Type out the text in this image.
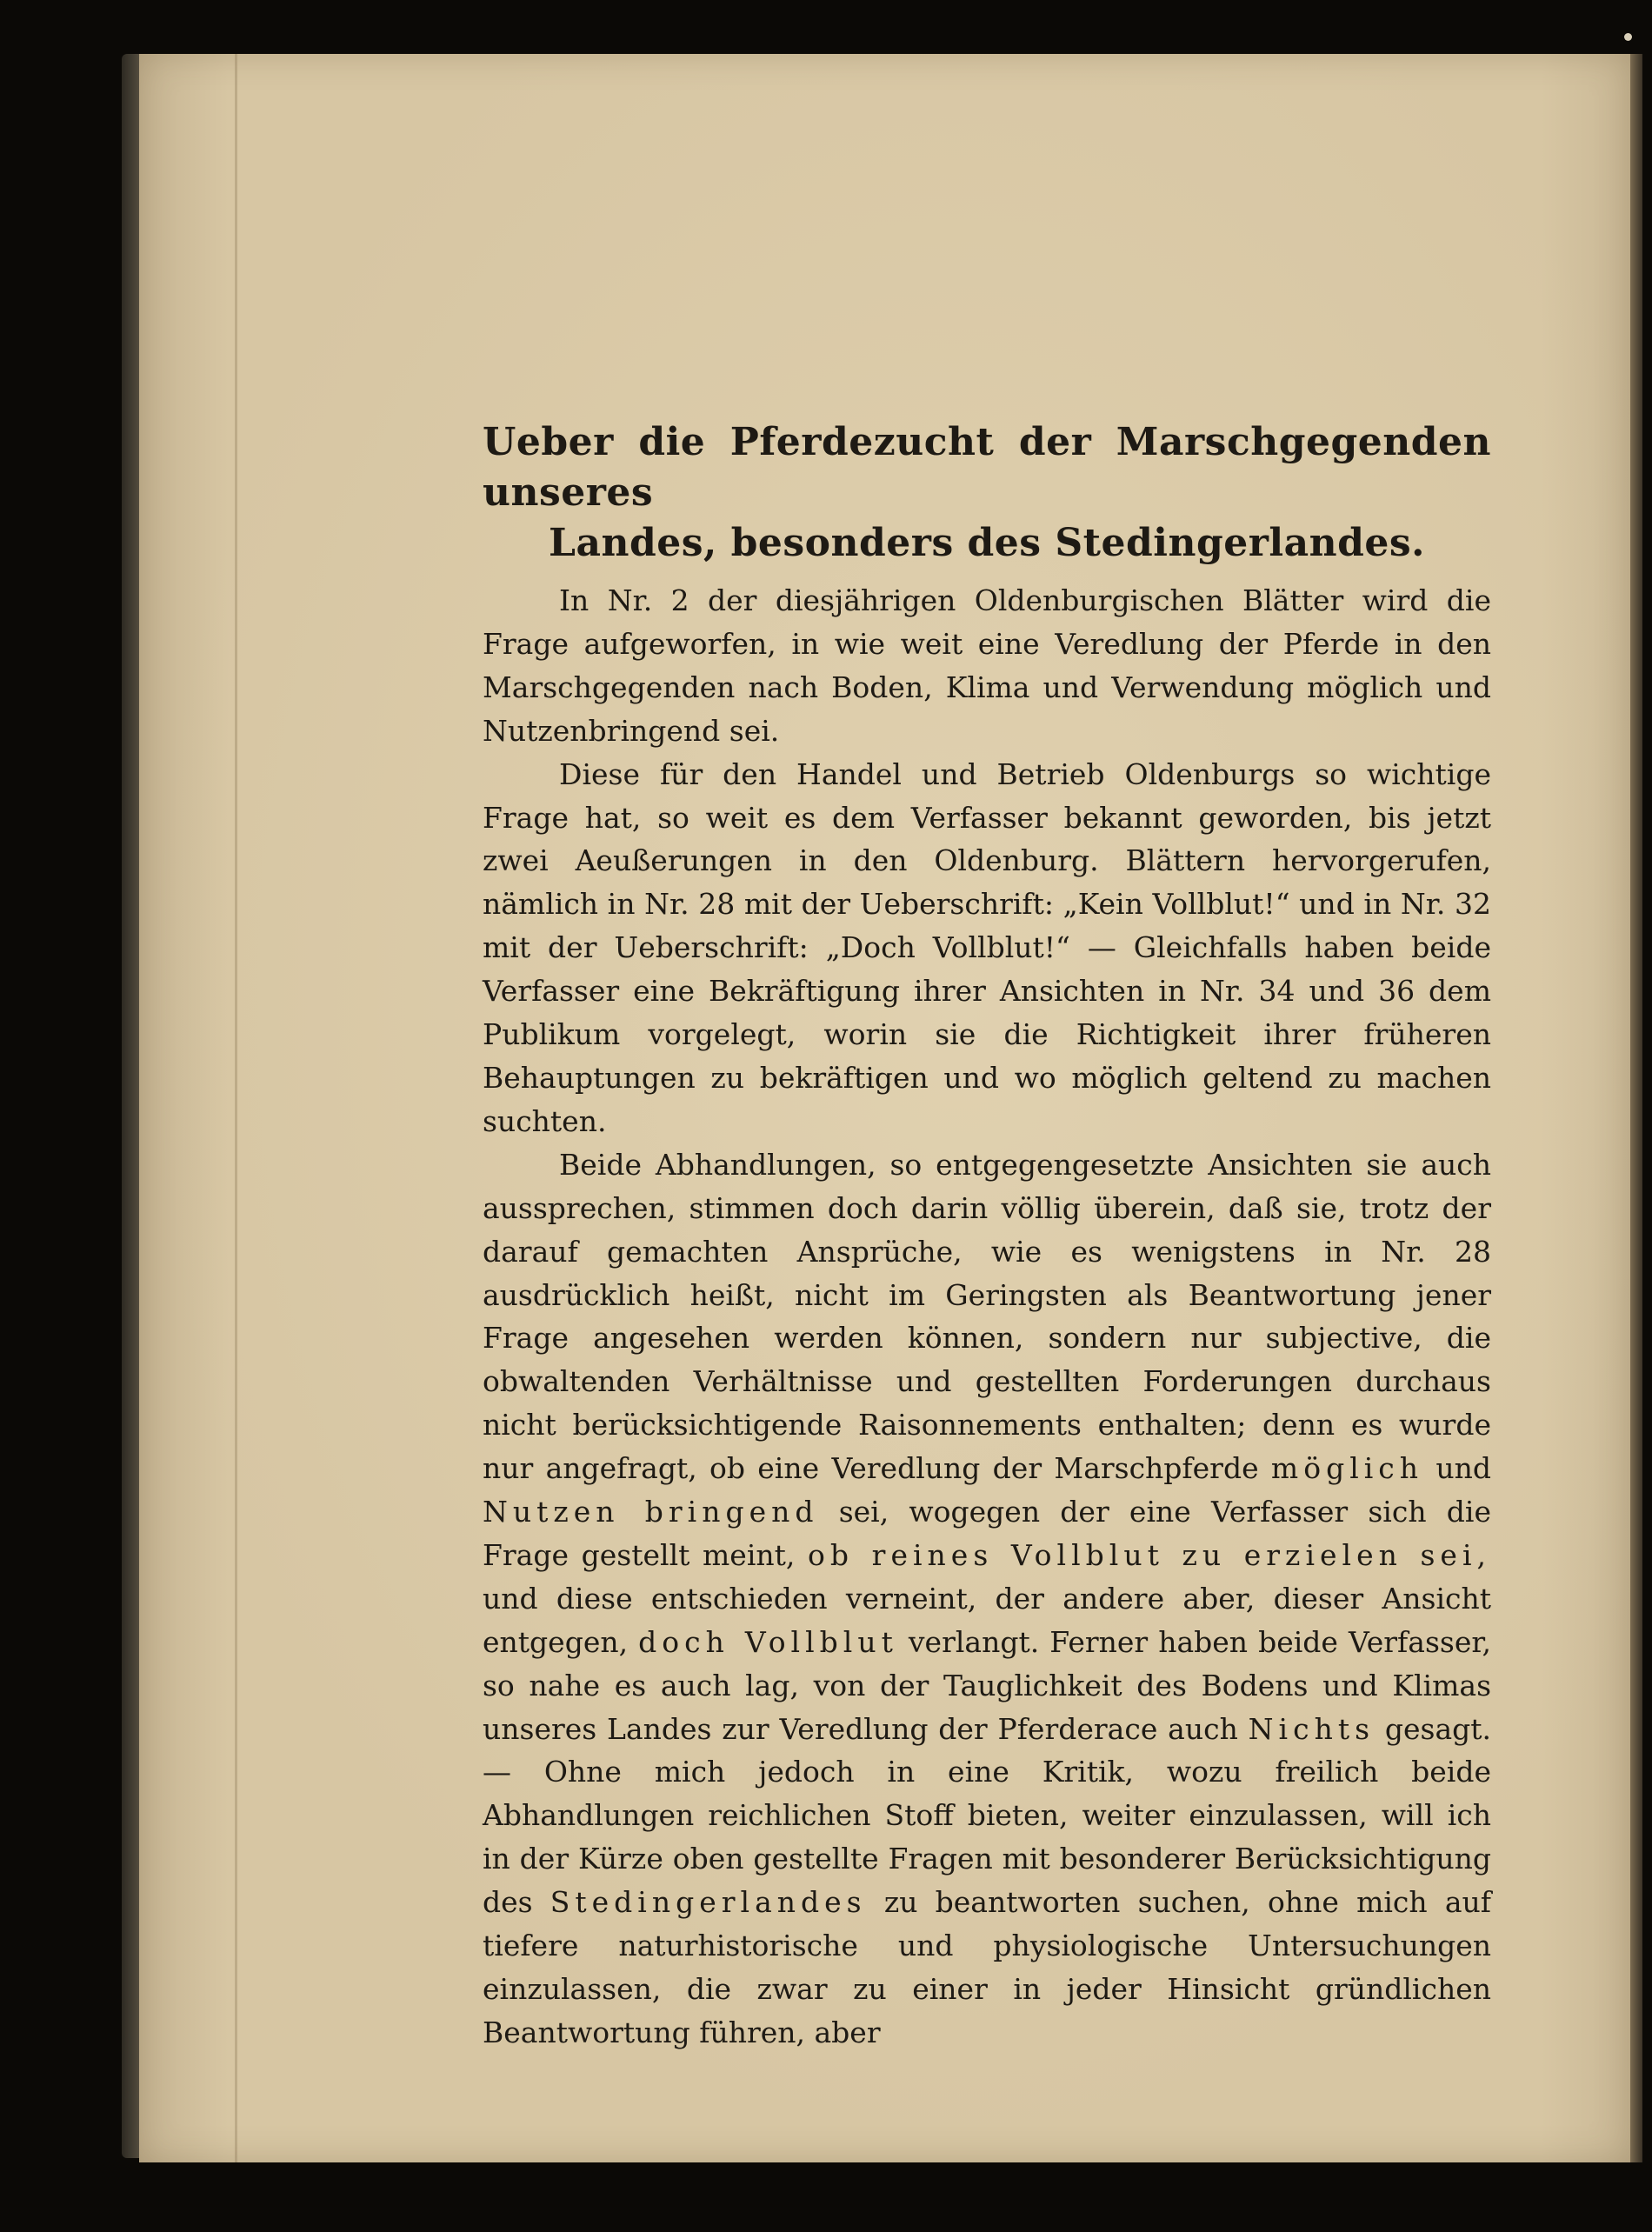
Ueber die Pferdezucht der Marschgegenden unseres
Landes, besonders des Stedingerlandes.

In Nr. 2 der diesjährigen Oldenburgischen Blätter wird die Frage aufgeworfen, in wie weit eine Veredlung der Pferde in den Marschgegenden nach Boden, Klima und Verwendung möglich und Nutzenbringend sei.

Diese für den Handel und Betrieb Oldenburgs so wichtige Frage hat, so weit es dem Verfasser bekannt geworden, bis jetzt zwei Aeußerungen in den Oldenburg. Blättern hervorgerufen, nämlich in Nr. 28 mit der Ueberschrift: „Kein Vollblut!“ und in Nr. 32 mit der Ueberschrift: „Doch Vollblut!“ — Gleichfalls haben beide Verfasser eine Bekräftigung ihrer Ansichten in Nr. 34 und 36 dem Publikum vorgelegt, worin sie die Richtigkeit ihrer früheren Behauptungen zu bekräftigen und wo möglich geltend zu machen suchten.

Beide Abhandlungen, so entgegengesetzte Ansichten sie auch aussprechen, stimmen doch darin völlig überein, daß sie, trotz der darauf gemachten Ansprüche, wie es wenigstens in Nr. 28 ausdrücklich heißt, nicht im Geringsten als Beantwortung jener Frage angesehen werden können, sondern nur subjective, die obwaltenden Verhältnisse und gestellten Forderungen durchaus nicht berücksichtigende Raisonnements enthalten; denn es wurde nur angefragt, ob eine Veredlung der Marschpferde möglich und Nutzen bringend sei, wogegen der eine Verfasser sich die Frage gestellt meint, ob reines Vollblut zu erzielen sei, und diese entschieden verneint, der andere aber, dieser Ansicht entgegen, doch Vollblut verlangt. Ferner haben beide Verfasser, so nahe es auch lag, von der Tauglichkeit des Bodens und Klimas unseres Landes zur Veredlung der Pferderace auch Nichts gesagt. — Ohne mich jedoch in eine Kritik, wozu freilich beide Abhandlungen reichlichen Stoff bieten, weiter einzulassen, will ich in der Kürze oben gestellte Fragen mit besonderer Berücksichtigung des Stedingerlandes zu beantworten suchen, ohne mich auf tiefere naturhistorische und physiologische Untersuchungen einzulassen, die zwar zu einer in jeder Hinsicht gründlichen Beantwortung führen, aber
